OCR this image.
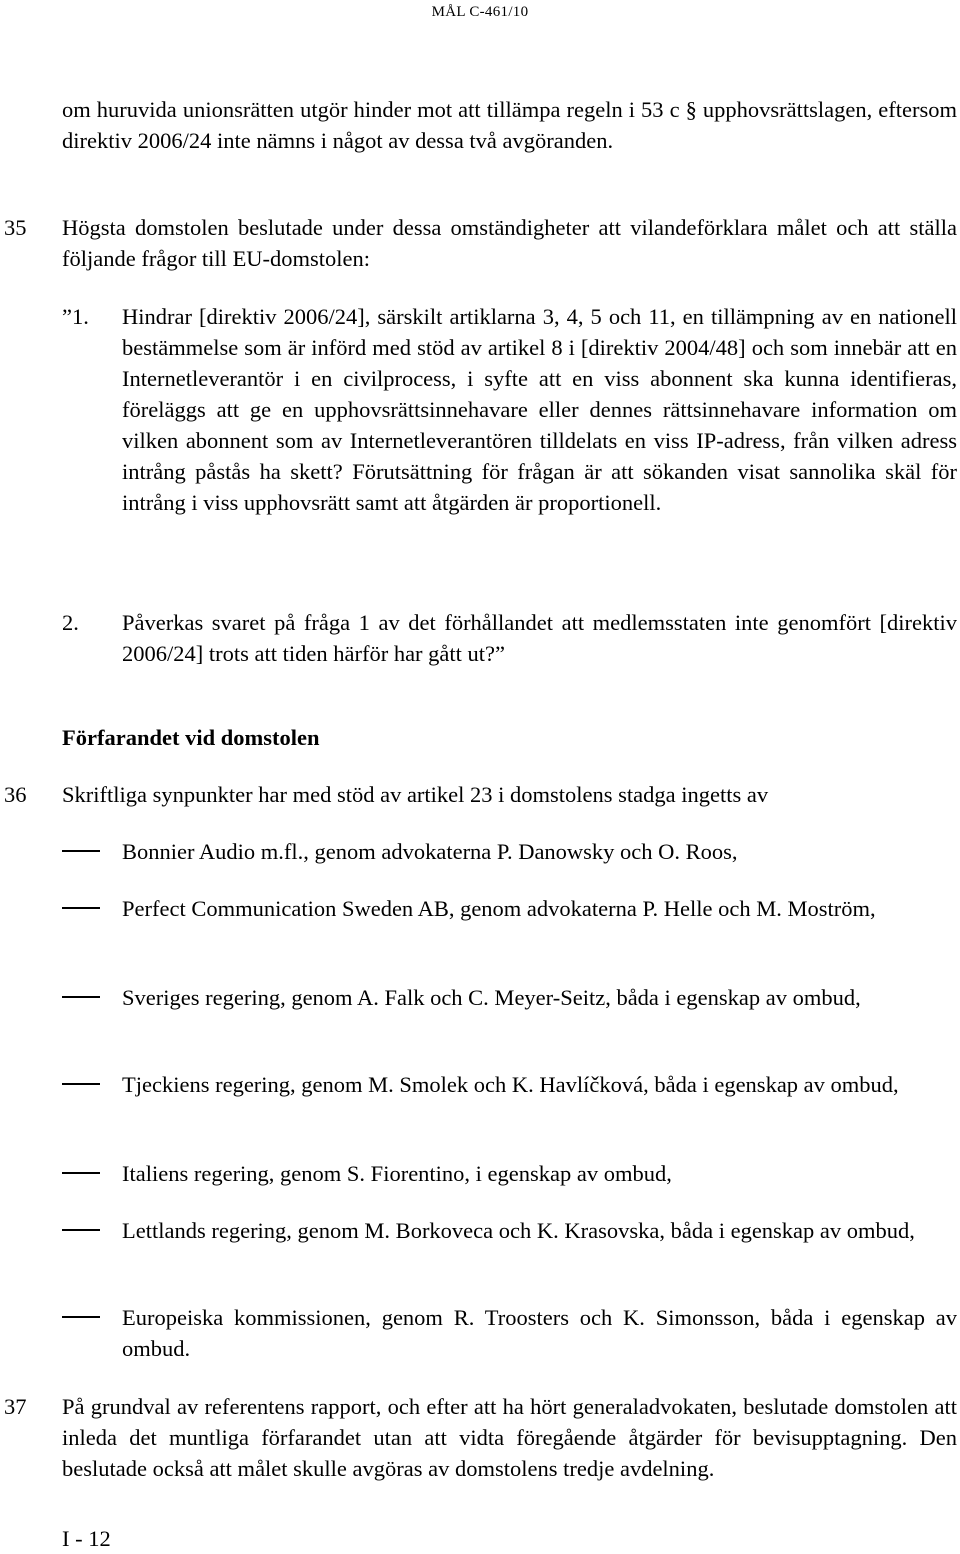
MÅL C-461/10
om huruvida unionsrätten utgör hinder mot att tillämpa regeln i 53 c § upphovsrättslagen, eftersom direktiv 2006/24 inte nämns i något av dessa två avgöranden.
35 Högsta domstolen beslutade under dessa omständigheter att vilandeförklara målet och att ställa följande frågor till EU-domstolen:
”1. Hindrar [direktiv 2006/24], särskilt artiklarna 3, 4, 5 och 11, en tillämpning av en nationell bestämmelse som är införd med stöd av artikel 8 i [direktiv 2004/48] och som innebär att en Internetleverantör i en civilprocess, i syfte att en viss abonnent ska kunna identifieras, föreläggs att ge en upphovsrättsinnehavare eller dennes rättsinnehavare information om vilken abonnent som av Internetleverantören tilldelats en viss IP-adress, från vilken adress intrång påstås ha skett? Förutsättning för frågan är att sökanden visat sannolika skäl för intrång i viss upphovsrätt samt att åtgärden är proportionell.
2. Påverkas svaret på fråga 1 av det förhållandet att medlemsstaten inte genomfört [direktiv 2006/24] trots att tiden härför har gått ut?”
Förfarandet vid domstolen
36 Skriftliga synpunkter har med stöd av artikel 23 i domstolens stadga ingetts av
Bonnier Audio m.fl., genom advokaterna P. Danowsky och O. Roos,
Perfect Communication Sweden AB, genom advokaterna P. Helle och M. Moström,
Sveriges regering, genom A. Falk och C. Meyer-Seitz, båda i egenskap av ombud,
Tjeckiens regering, genom M. Smolek och K. Havlíčková, båda i egenskap av ombud,
Italiens regering, genom S. Fiorentino, i egenskap av ombud,
Lettlands regering, genom M. Borkoveca och K. Krasovska, båda i egenskap av ombud,
Europeiska kommissionen, genom R. Troosters och K. Simonsson, båda i egenskap av ombud.
37 På grundval av referentens rapport, och efter att ha hört generaladvokaten, beslutade domstolen att inleda det muntliga förfarandet utan att vidta föregående åtgärder för bevisupptagning. Den beslutade också att målet skulle avgöras av domstolens tredje avdelning.
I - 12
